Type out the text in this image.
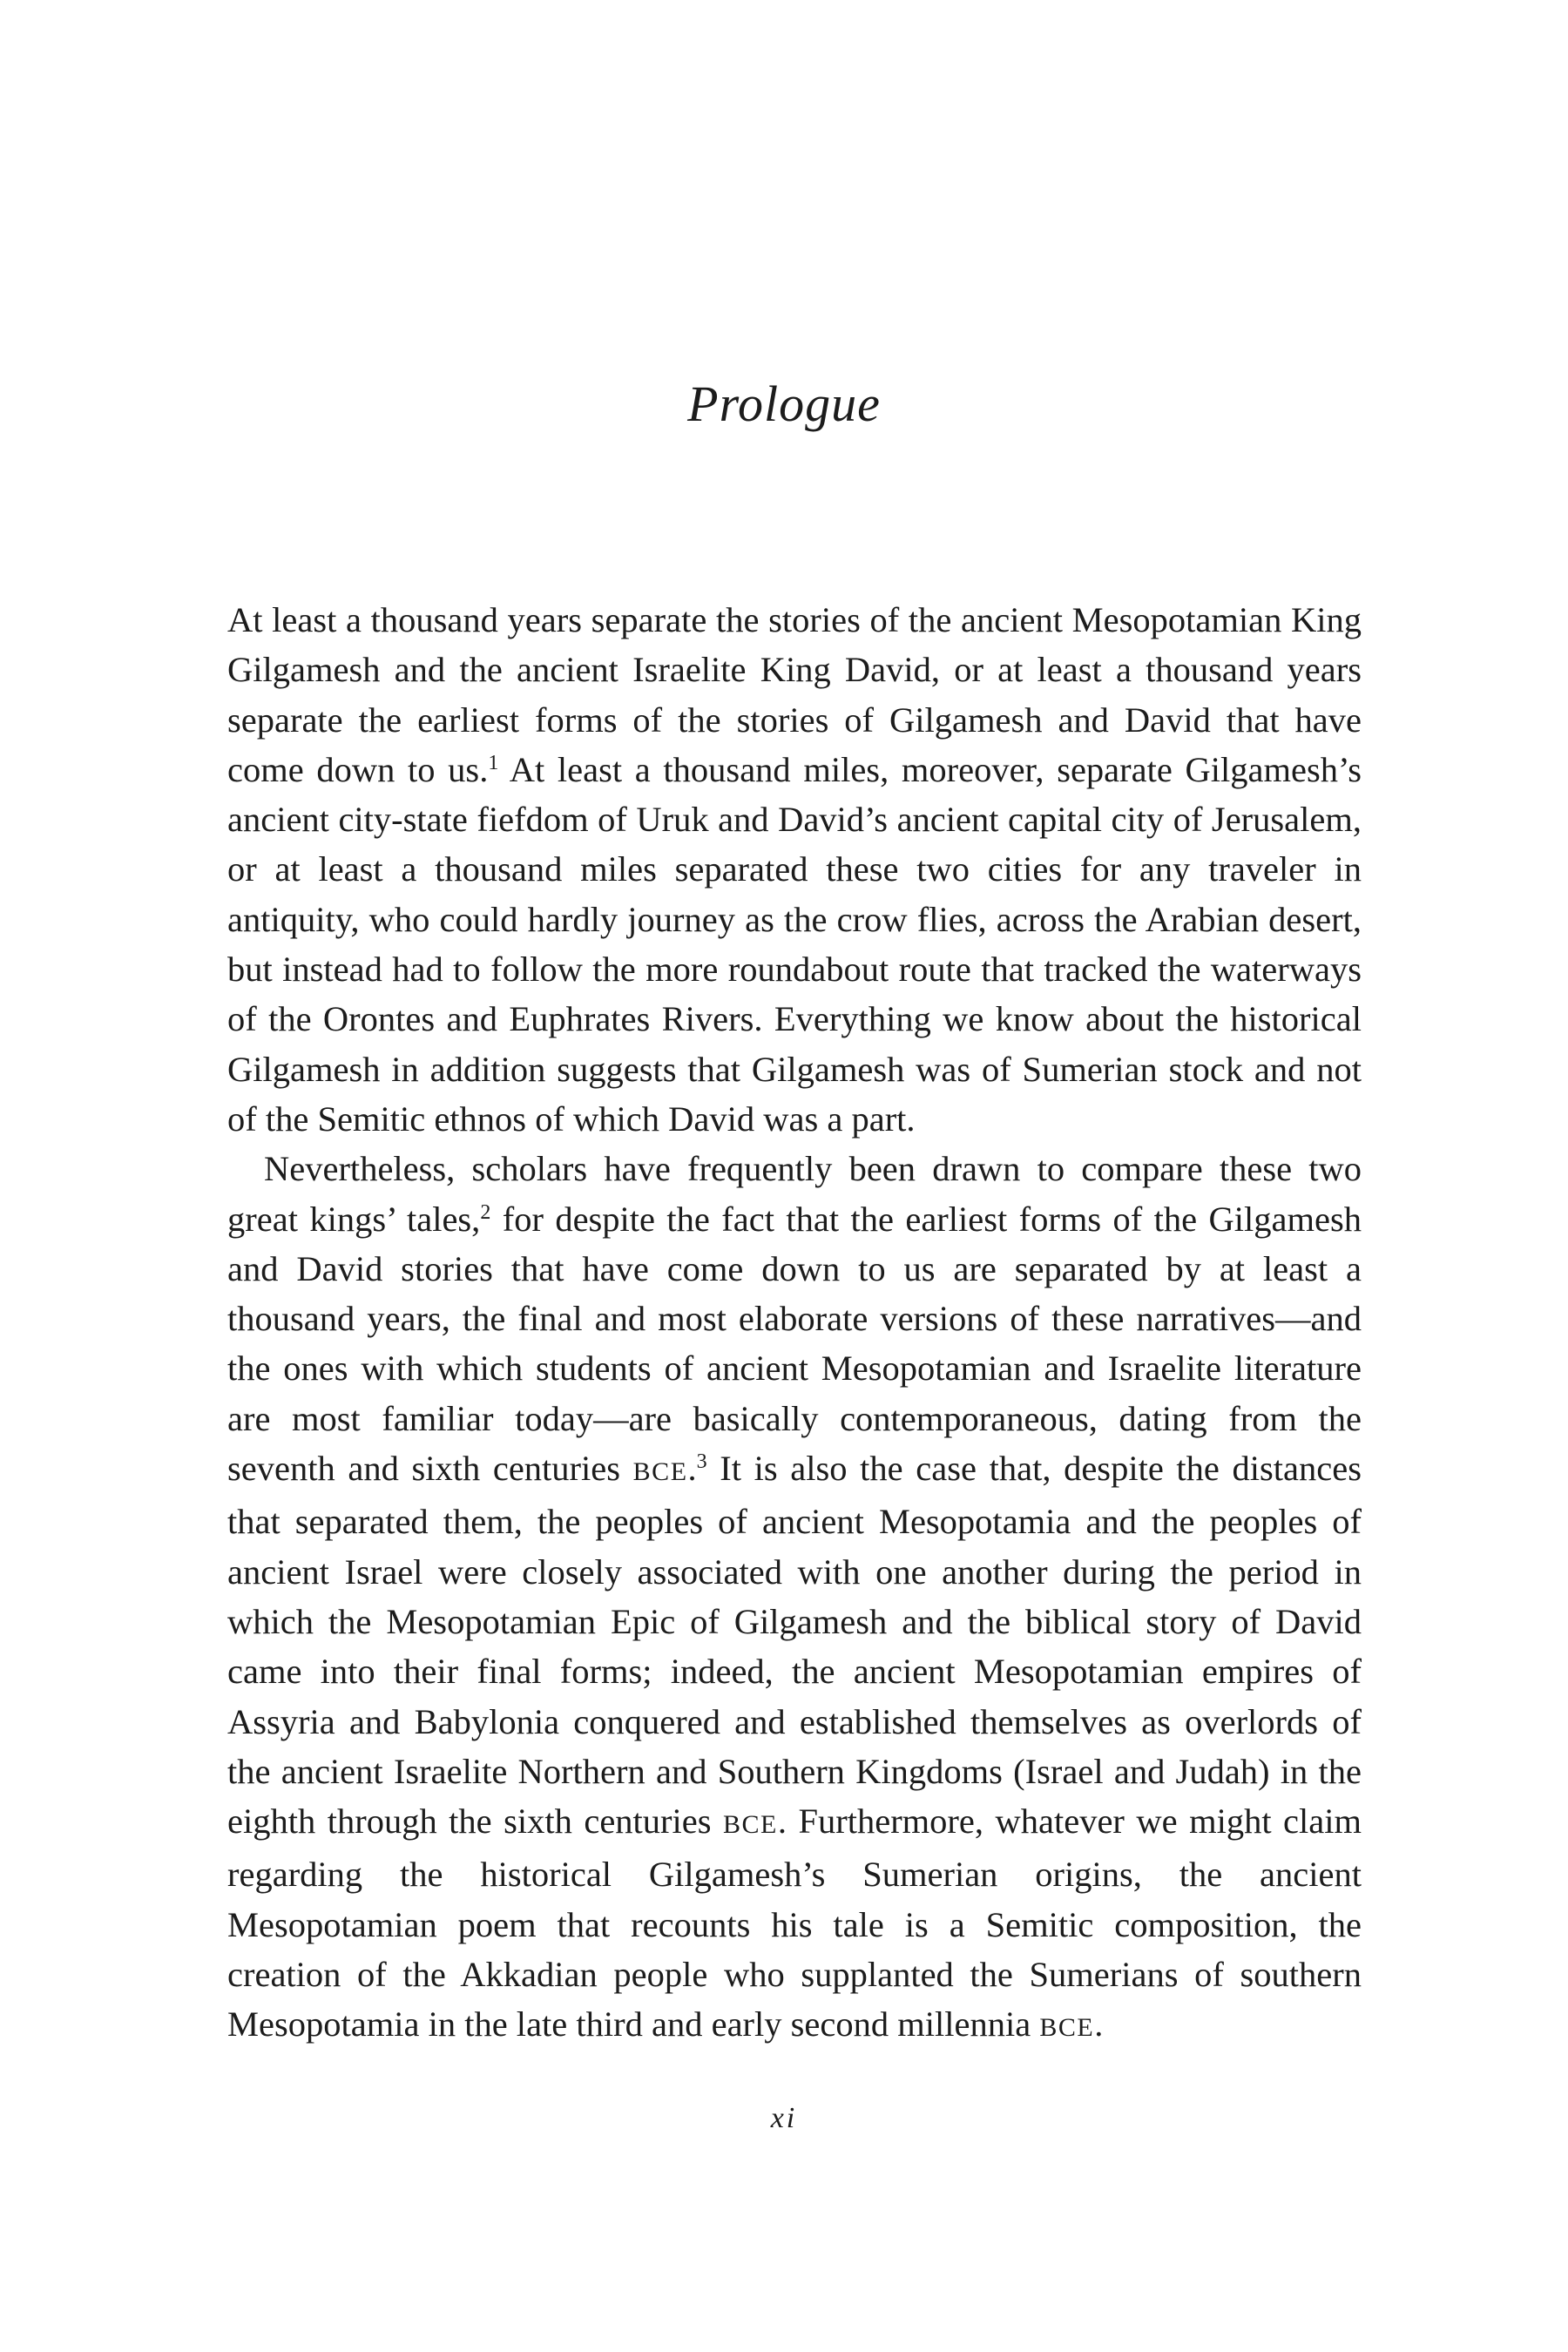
Prologue

At least a thousand years separate the stories of the ancient Mesopotamian King Gilgamesh and the ancient Israelite King David, or at least a thousand years separate the earliest forms of the stories of Gilgamesh and David that have come down to us.$^1$ At least a thousand miles, moreover, separate Gilgamesh’s ancient city-state fiefdom of Uruk and David’s ancient capital city of Jerusalem, or at least a thousand miles separated these two cities for any traveler in antiquity, who could hardly journey as the crow flies, across the Arabian desert, but instead had to follow the more roundabout route that tracked the waterways of the Orontes and Euphrates Rivers. Everything we know about the historical Gilgamesh in addition suggests that Gilgamesh was of Sumerian stock and not of the Semitic ethnos of which David was a part.

Nevertheless, scholars have frequently been drawn to compare these two great kings’ tales,$^2$ for despite the fact that the earliest forms of the Gilgamesh and David stories that have come down to us are separated by at least a thousand years, the final and most elaborate versions of these narratives—and the ones with which students of ancient Mesopotamian and Israelite literature are most familiar today—are basically contemporaneous, dating from the seventh and sixth centuries BCE.$^3$ It is also the case that, despite the distances that separated them, the peoples of ancient Mesopotamia and the peoples of ancient Israel were closely associated with one another during the period in which the Mesopotamian Epic of Gilgamesh and the biblical story of David came into their final forms; indeed, the ancient Mesopotamian empires of Assyria and Babylonia conquered and established themselves as overlords of the ancient Israelite Northern and Southern Kingdoms (Israel and Judah) in the eighth through the sixth centuries BCE. Furthermore, whatever we might claim regarding the historical Gilgamesh’s Sumerian origins, the ancient Mesopotamian poem that recounts his tale is a Semitic composition, the creation of the Akkadian people who supplanted the Sumerians of southern Mesopotamia in the late third and early second millennia BCE.

xi
